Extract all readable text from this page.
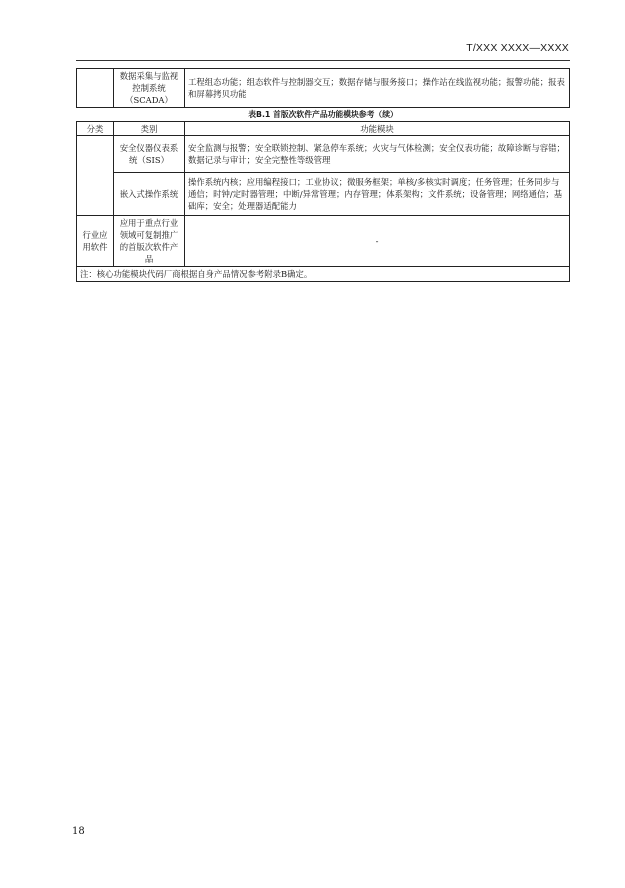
T/XXX XXXX—XXXX
	数据采集与监视控制系统（SCADA）	工程组态功能；组态软件与控制器交互；数据存储与服务接口；操作站在线监视功能；报警功能；报表和屏幕拷贝功能
表B.1 首版次软件产品功能模块参考（续）
分类	类别	功能模块
	安全仪器仪表系统（SIS）	安全监测与报警；安全联锁控制、紧急停车系统；火灾与气体检测；安全仪表功能；故障诊断与容错；数据记录与审计；安全完整性等级管理
	嵌入式操作系统	操作系统内核；应用编程接口；工业协议；微服务框架；单核/多核实时调度；任务管理；任务同步与通信；时钟/定时器管理；中断/异常管理；内存管理；体系架构；文件系统；设备管理；网络通信；基础库；安全；处理器适配能力
行业应用软件	应用于重点行业领域可复制推广的首版次软件产品	-
注：核心功能模块代码厂商根据自身产品情况参考附录B确定。		
18
